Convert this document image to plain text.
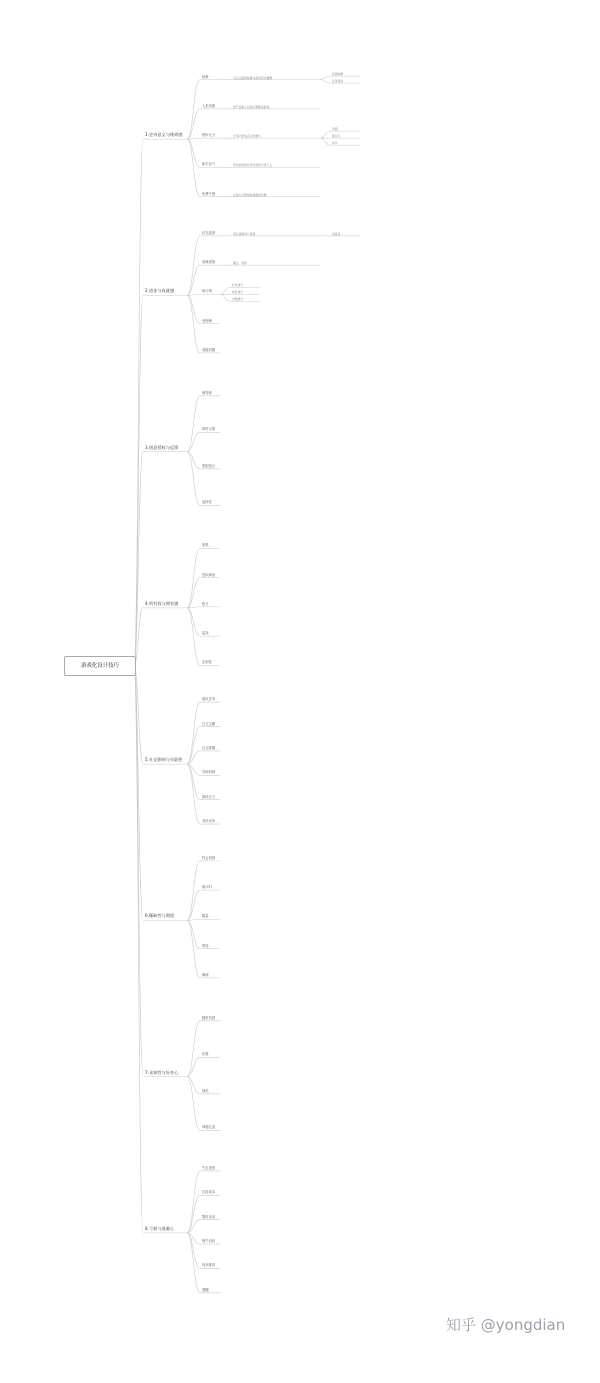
1.史诗意义与使命感
叙事	引人入胜的故事为游戏带来激情
起源故事
任务叙述
人类英雄	把产品和人们的心愿联系起来
使用无义	让用户更有意义地参与
卖萌
吸引力
幼年
新手运气	起初的奖励让玩家感到天选之人
免费午餐	在别人付费的时候提供免费
2.进步与成就感
状态进度	用以体现用户进度	进度条
成就系统	徽章、奖杯
排行榜
好友排行
地区排行
全服排行
里程碑
高级权限
3.创意授权与反馈
博弈树
即时反馈
搭配组合
选择性
4.所有权与拥有感
收集
虚拟商品
积分
监视
定制化
5.社交影响与关联性
团队任务
社交宝藏
社交炫耀
导师机制
群体压力
同伴竞争
6.稀缺性与渴望
约会机制
倒计时
限量
等待
障碍
7.未知性与好奇心
随机奖励
彩蛋
抽奖
神秘礼盒
8.亏损与逃避心
失去进度
沉没成本
限时活动
错失良机
现状维持
提醒
游戏化设计技巧
知乎 @yongdian
